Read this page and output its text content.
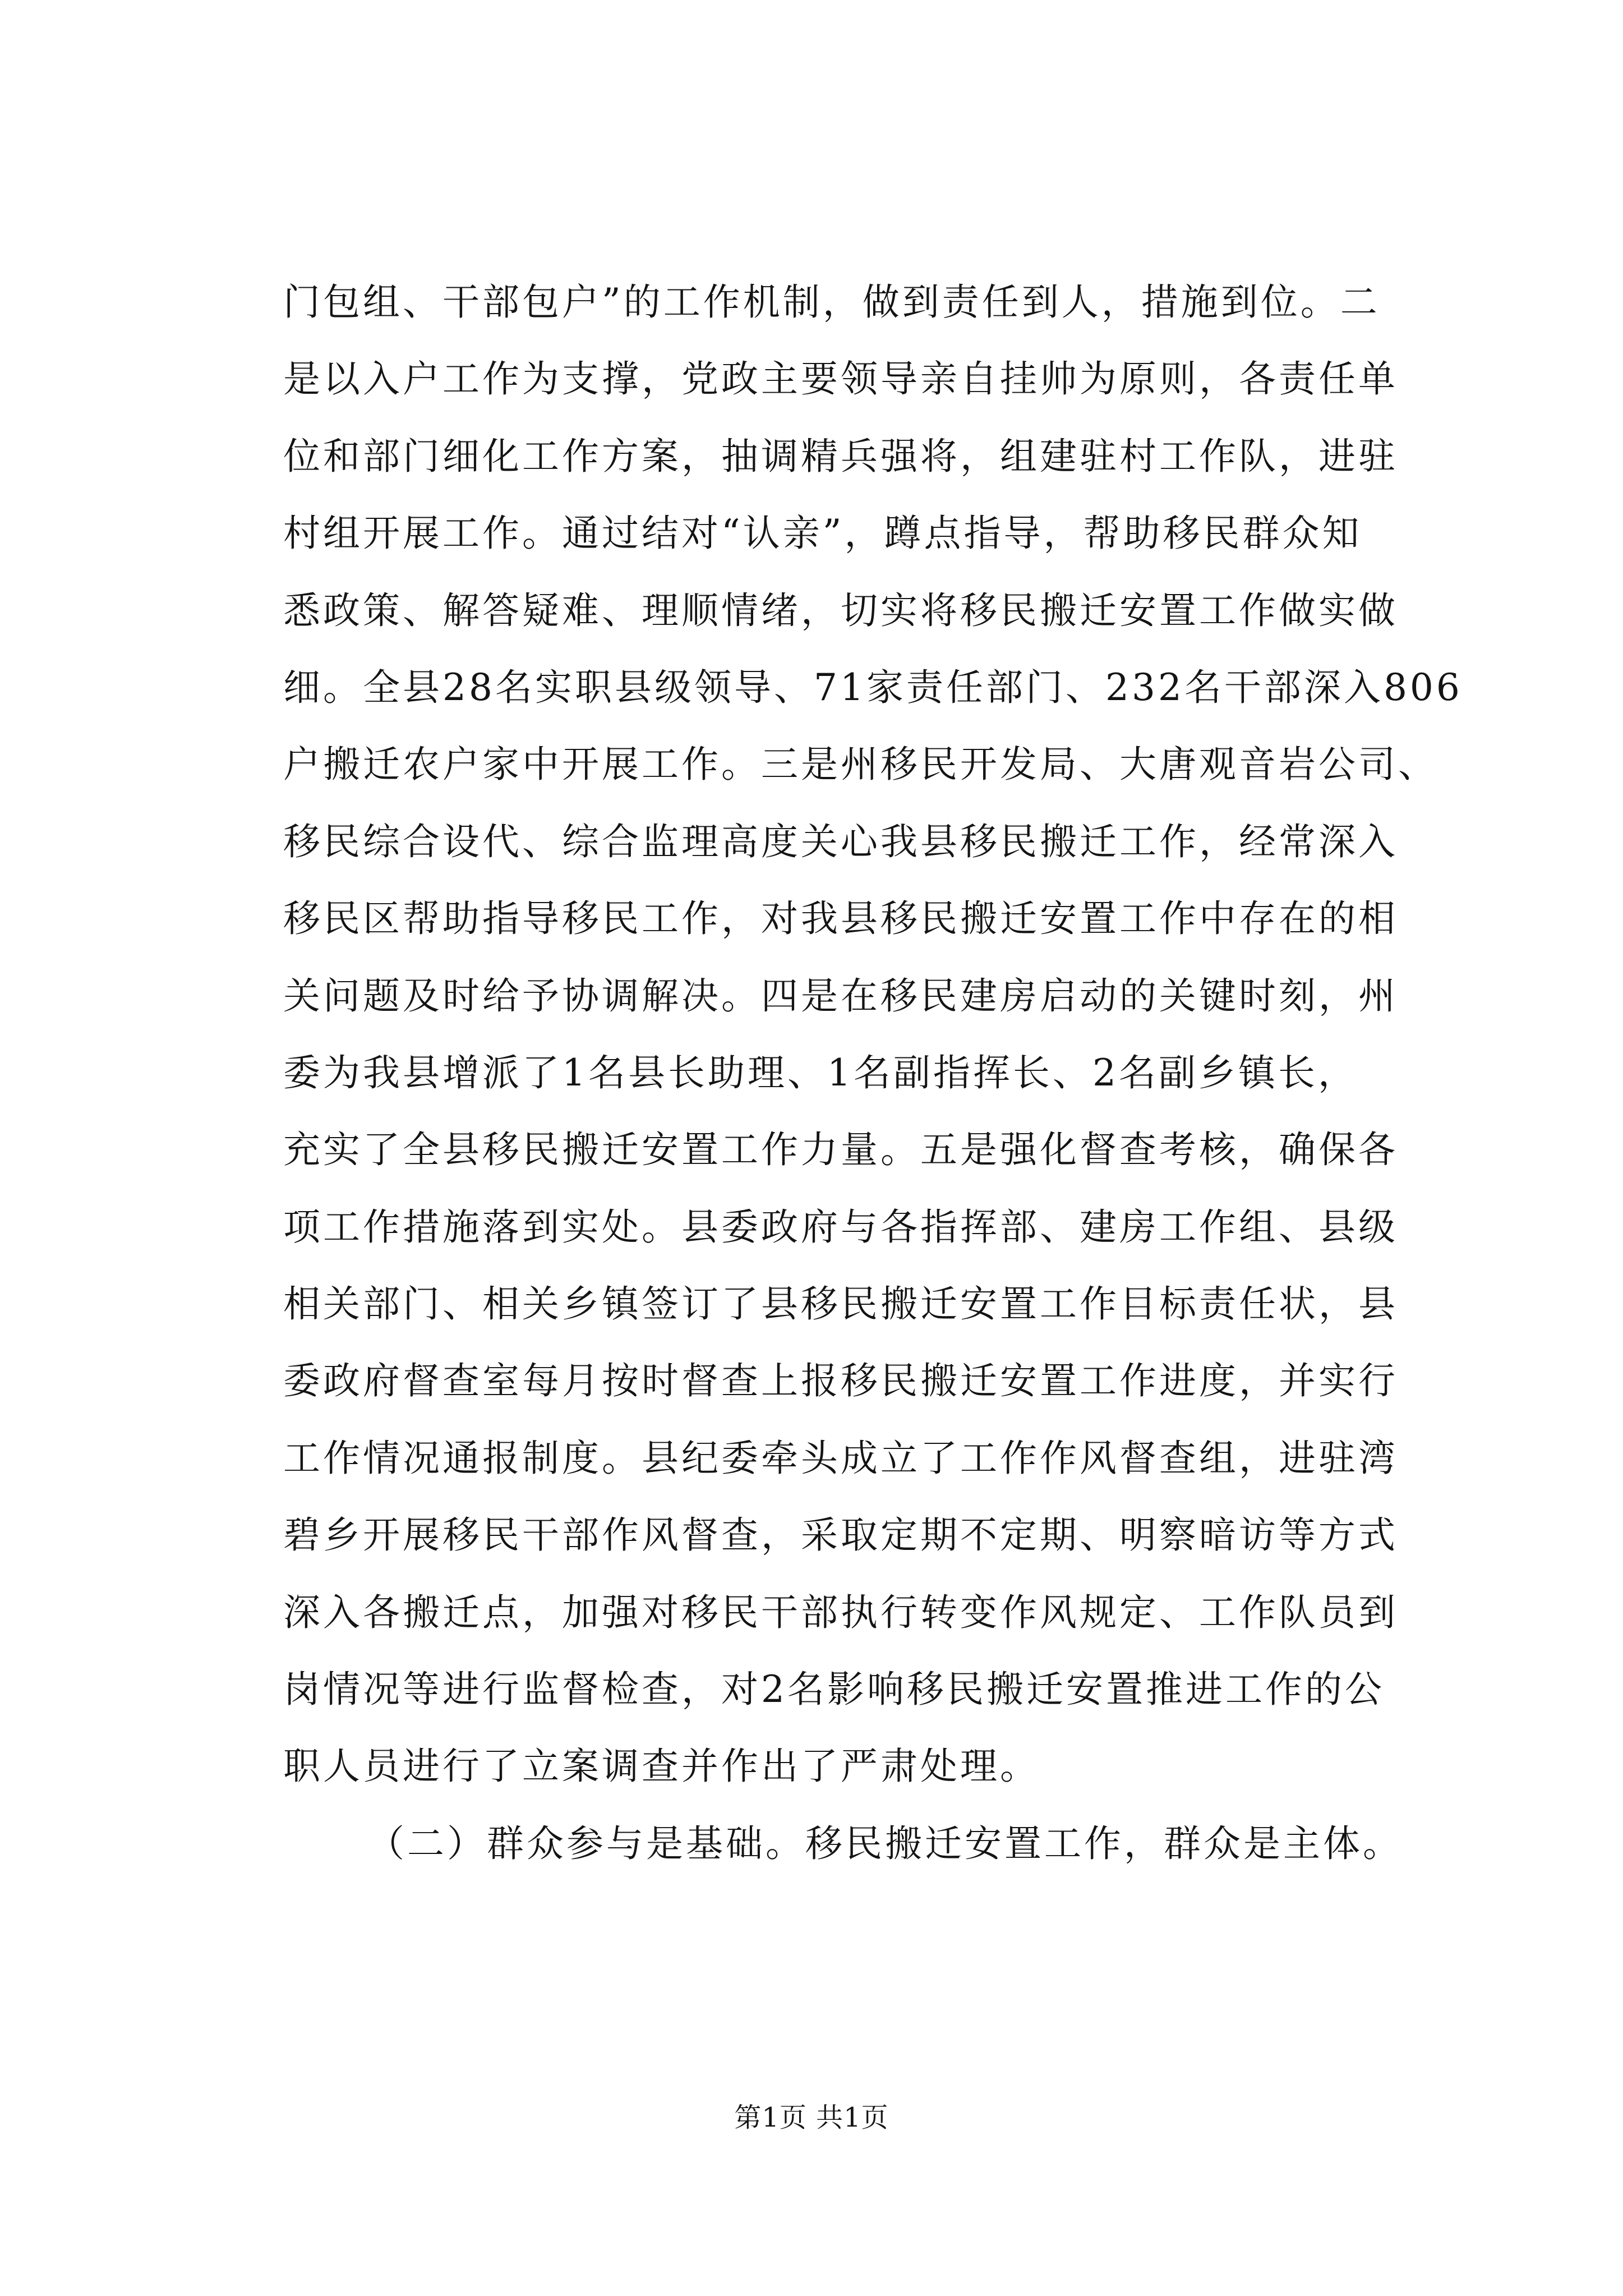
门包组、干部包户”的工作机制，做到责任到人，措施到位。二
是以入户工作为支撑，党政主要领导亲自挂帅为原则，各责任单
位和部门细化工作方案，抽调精兵强将，组建驻村工作队，进驻
村组开展工作。通过结对“认亲”，蹲点指导，帮助移民群众知
悉政策、解答疑难、理顺情绪，切实将移民搬迁安置工作做实做
细。全县28名实职县级领导、71家责任部门、232名干部深入806
户搬迁农户家中开展工作。三是州移民开发局、大唐观音岩公司、
移民综合设代、综合监理高度关心我县移民搬迁工作，经常深入
移民区帮助指导移民工作，对我县移民搬迁安置工作中存在的相
关问题及时给予协调解决。四是在移民建房启动的关键时刻，州
委为我县增派了1名县长助理、1名副指挥长、2名副乡镇长，
充实了全县移民搬迁安置工作力量。五是强化督查考核，确保各
项工作措施落到实处。县委政府与各指挥部、建房工作组、县级
相关部门、相关乡镇签订了县移民搬迁安置工作目标责任状，县
委政府督查室每月按时督查上报移民搬迁安置工作进度，并实行
工作情况通报制度。县纪委牵头成立了工作作风督查组，进驻湾
碧乡开展移民干部作风督查，采取定期不定期、明察暗访等方式
深入各搬迁点，加强对移民干部执行转变作风规定、工作队员到
岗情况等进行监督检查，对2名影响移民搬迁安置推进工作的公
职人员进行了立案调查并作出了严肃处理。
（二）群众参与是基础。移民搬迁安置工作，群众是主体。
第1页 共1页
